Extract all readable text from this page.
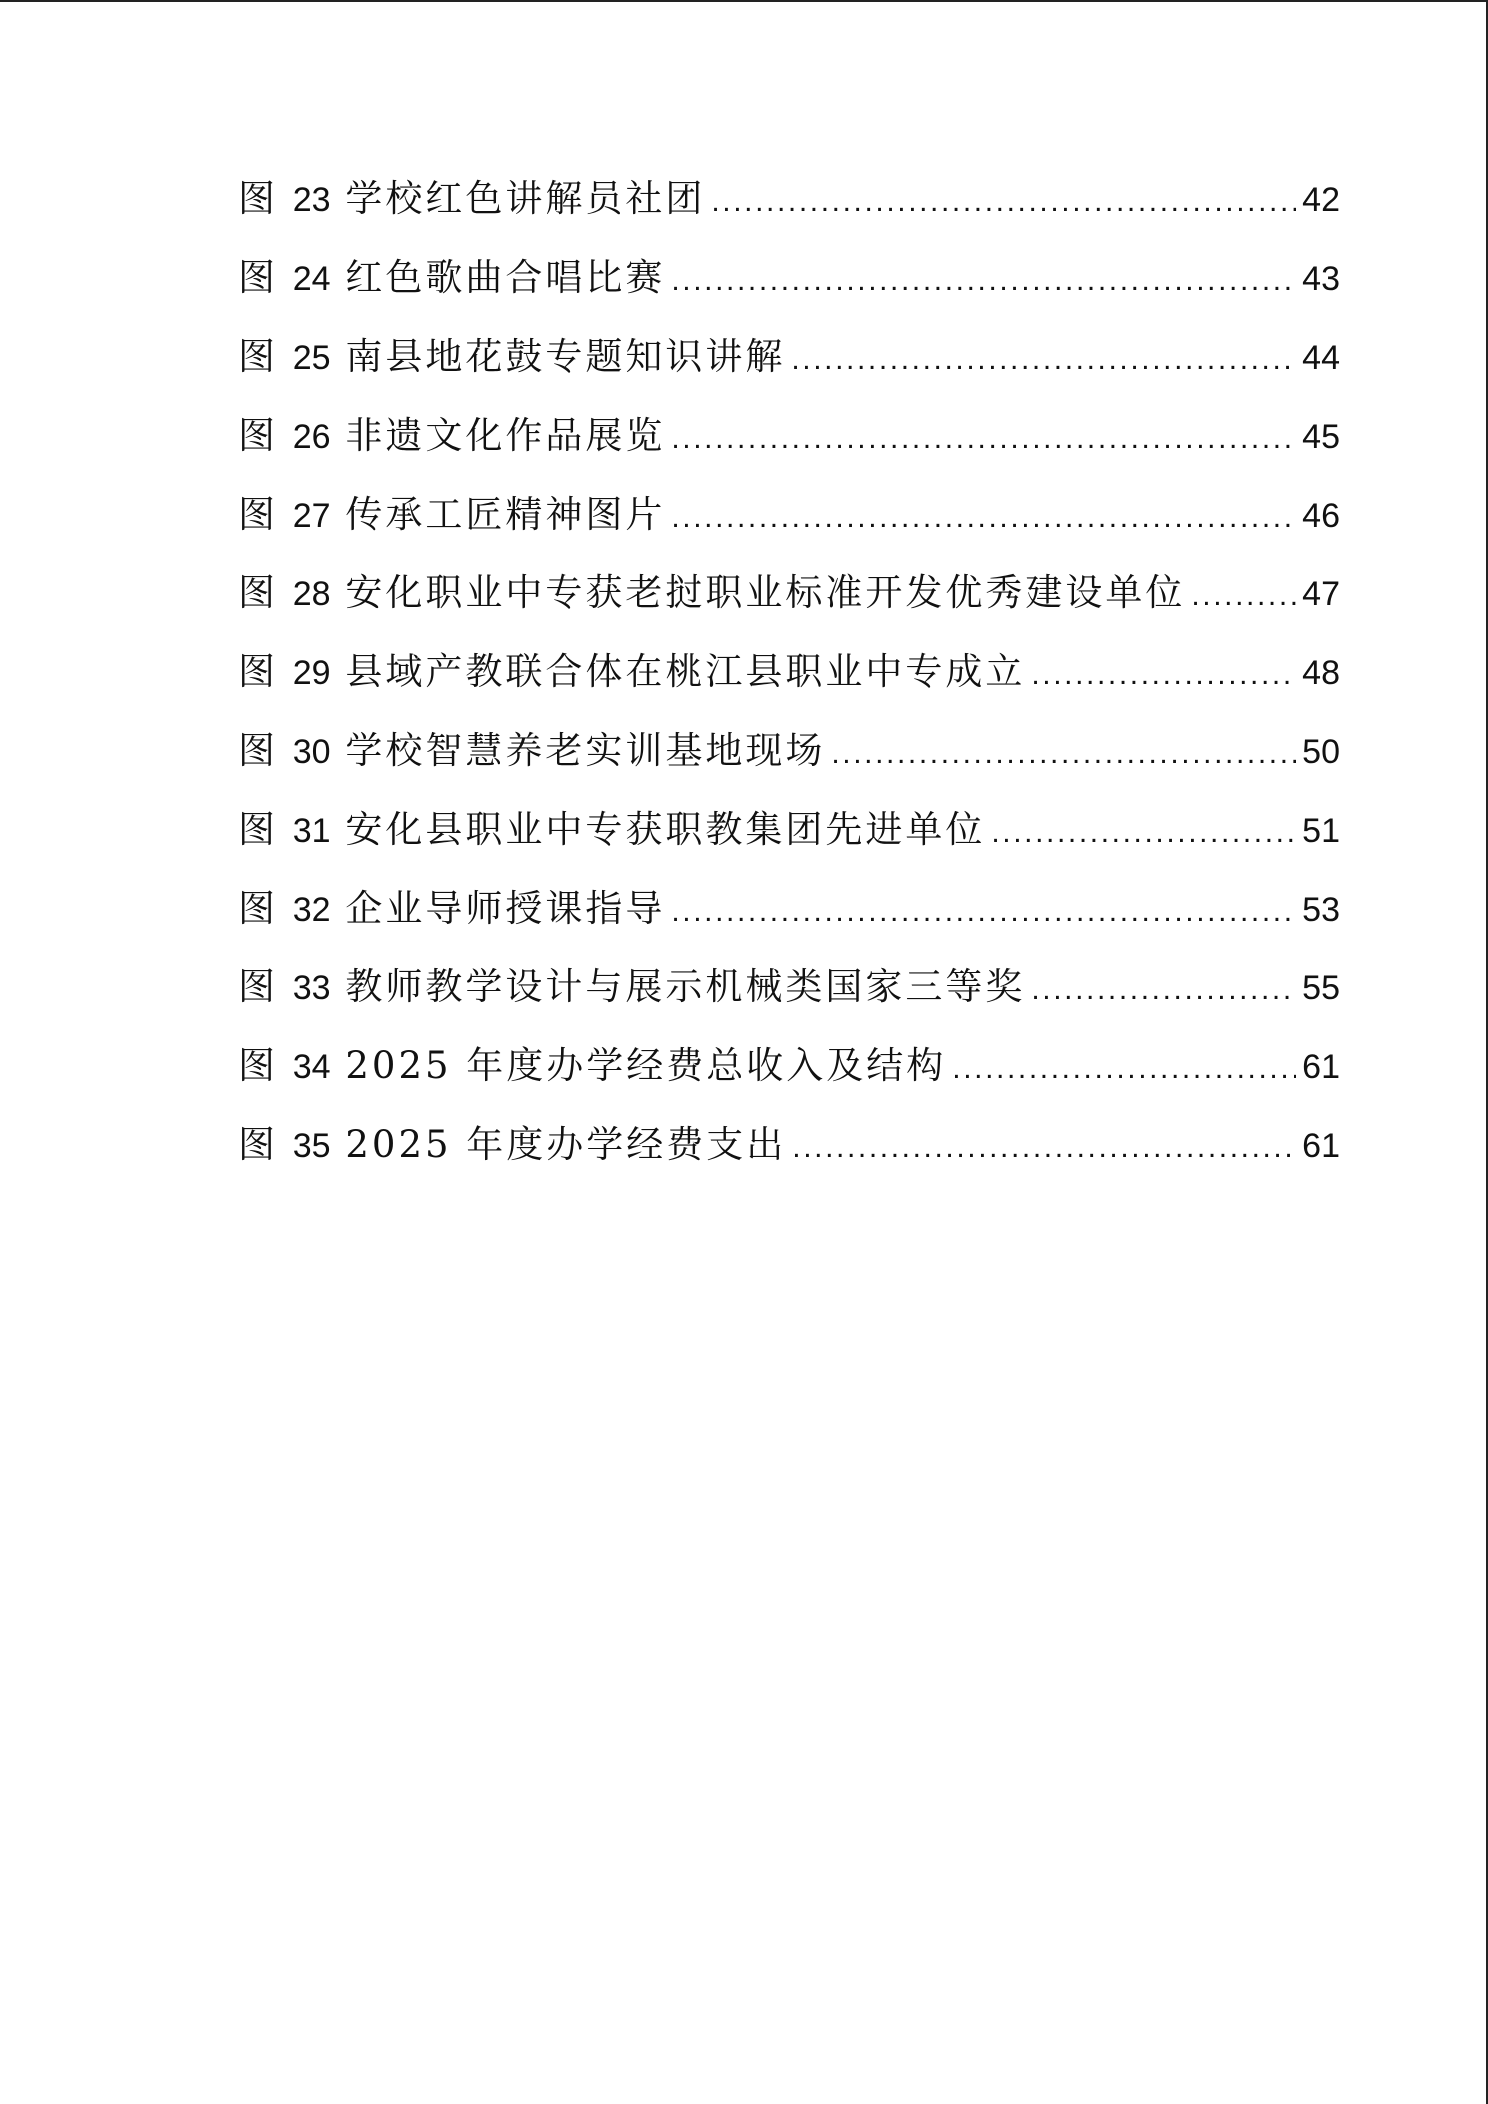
图 23 学校红色讲解员社团 .....	42
图 24 红色歌曲合唱比赛 .....	43
图 25 南县地花鼓专题知识讲解 .....	44
图 26 非遗文化作品展览 .....	45
图 27 传承工匠精神图片 .....	46
图 28 安化职业中专获老挝职业标准开发优秀建设单位 .....	47
图 29 县域产教联合体在桃江县职业中专成立 .....	48
图 30 学校智慧养老实训基地现场 .....	50
图 31 安化县职业中专获职教集团先进单位 .....	51
图 32 企业导师授课指导 .....	53
图 33 教师教学设计与展示机械类国家三等奖 .....	55
图 34 2025 年度办学经费总收入及结构 .....	61
图 35 2025 年度办学经费支出 .....	61
